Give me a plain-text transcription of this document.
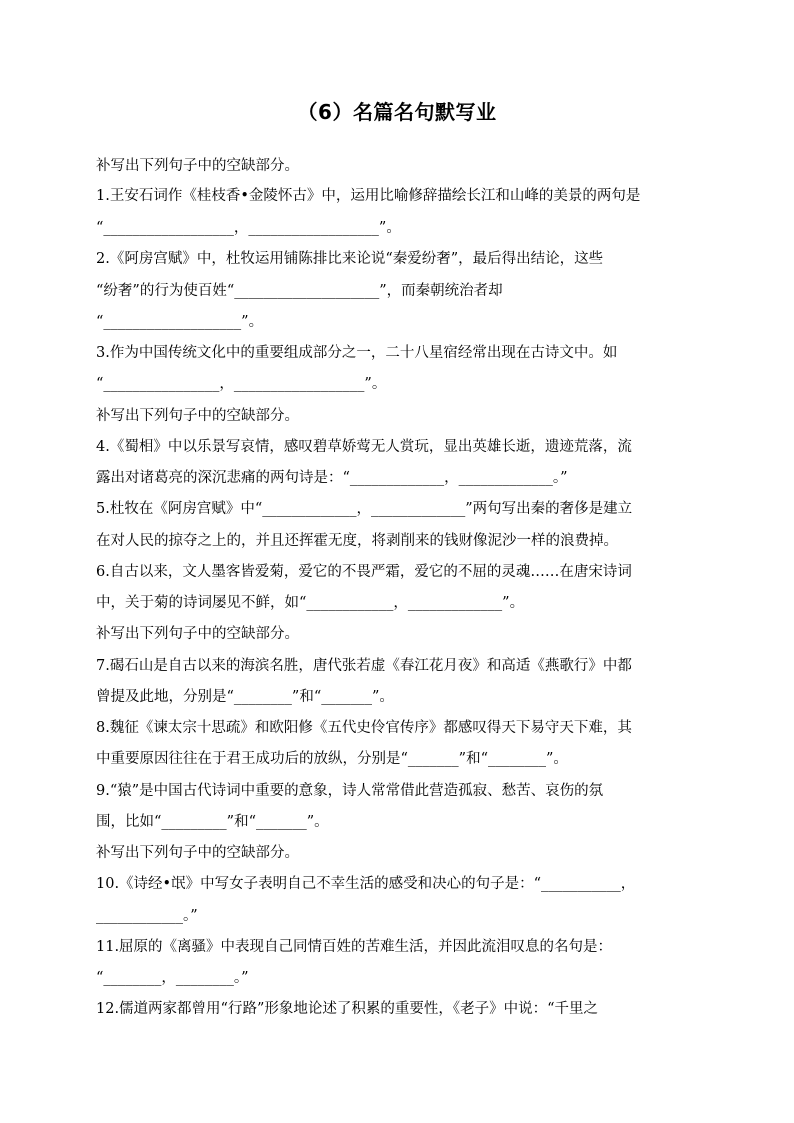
（6）名篇名句默写业
补写出下列句子中的空缺部分。
1.王安石词作《桂枝香•金陵怀古》中，运用比喻修辞描绘长江和山峰的美景的两句是
“__________________，__________________”。
2.《阿房宫赋》中，杜牧运用铺陈排比来论说“秦爱纷奢”，最后得出结论，这些
“纷奢”的行为使百姓“____________________”，而秦朝统治者却
“___________________”。
3.作为中国传统文化中的重要组成部分之一，二十八星宿经常出现在古诗文中。如
“________________，__________________”。
补写出下列句子中的空缺部分。
4.《蜀相》中以乐景写哀情，感叹碧草娇莺无人赏玩，显出英雄长逝，遗迹荒落，流
露出对诸葛亮的深沉悲痛的两句诗是：“_____________，_____________。”
5.杜牧在《阿房宫赋》中“_____________，_____________”两句写出秦的奢侈是建立
在对人民的掠夺之上的，并且还挥霍无度，将剥削来的钱财像泥沙一样的浪费掉。
6.自古以来，文人墨客皆爱菊，爱它的不畏严霜，爱它的不屈的灵魂……在唐宋诗词
中，关于菊的诗词屡见不鲜，如“____________，_____________”。
补写出下列句子中的空缺部分。
7.碣石山是自古以来的海滨名胜，唐代张若虚《春江花月夜》和高适《燕歌行》中都
曾提及此地，分别是“________”和“_______”。
8.魏征《谏太宗十思疏》和欧阳修《五代史伶官传序》都感叹得天下易守天下难，其
中重要原因往往在于君王成功后的放纵，分别是“_______”和“________”。
9.“猿”是中国古代诗词中重要的意象，诗人常常借此营造孤寂、愁苦、哀伤的氛
围，比如“_________”和“_______”。
补写出下列句子中的空缺部分。
10.《诗经•氓》中写女子表明自己不幸生活的感受和决心的句子是：“___________，
____________。”
11.屈原的《离骚》中表现自己同情百姓的苦难生活，并因此流泪叹息的名句是：
“________，________。”
12.儒道两家都曾用“行路”形象地论述了积累的重要性，《老子》中说：“千里之
